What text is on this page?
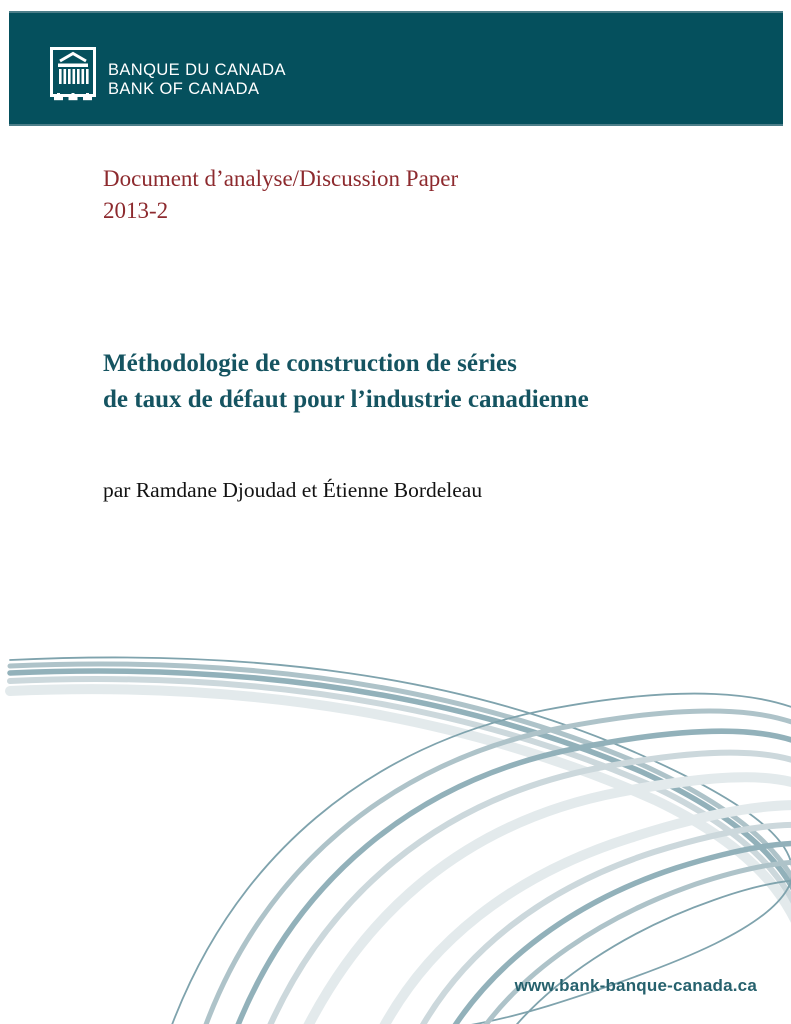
BANQUE DU CANADA
BANK OF CANADA
Document d’analyse/Discussion Paper
2013-2
Méthodologie de construction de séries
de taux de défaut pour l’industrie canadienne
par Ramdane Djoudad et Étienne Bordeleau
www.bank-banque-canada.ca
